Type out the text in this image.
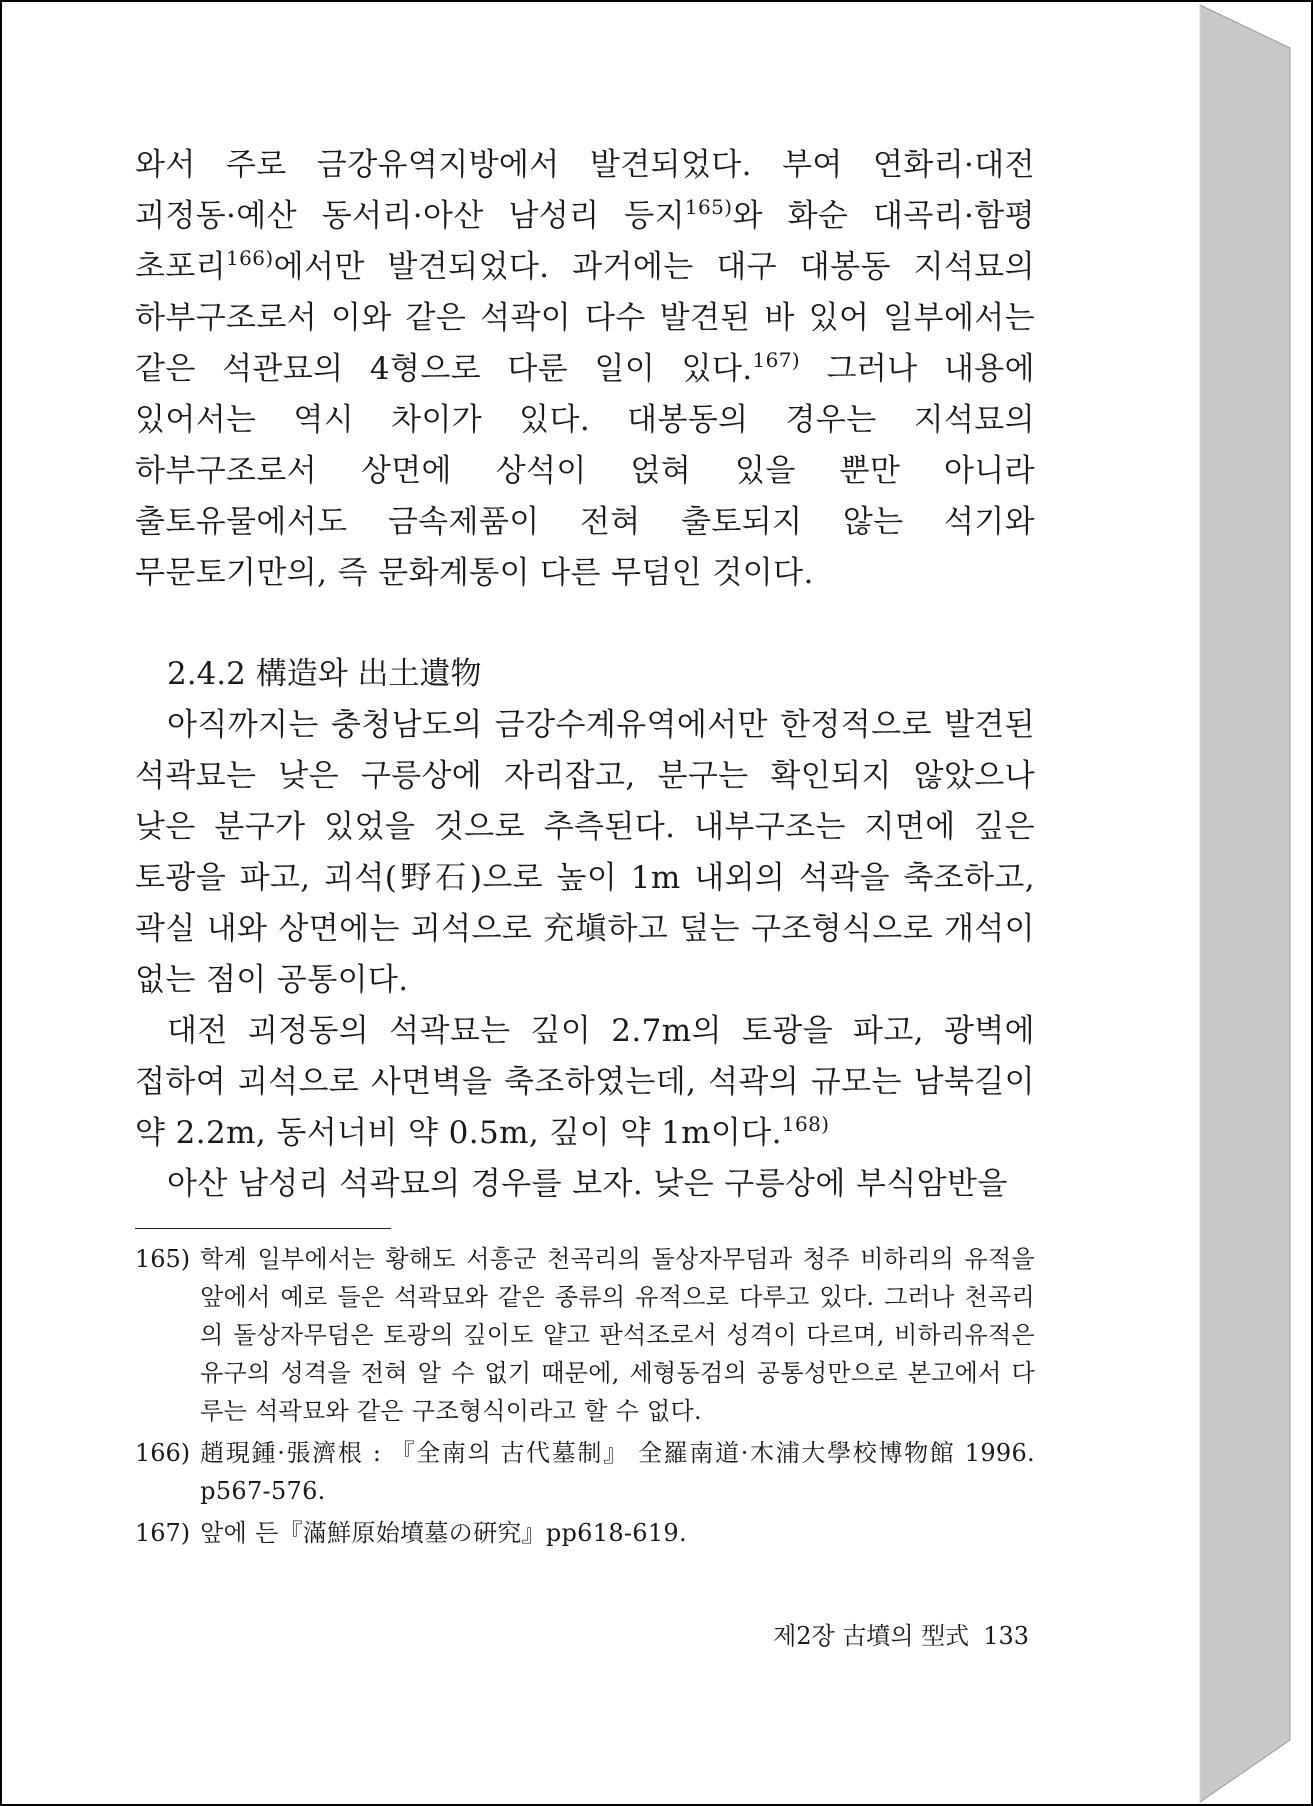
와서 주로 금강유역지방에서 발견되었다. 부여 연화리·대전 괴정동·예산 동서리·아산 남성리 등지$^{165)}$와 화순 대곡리·함평 초포리$^{166)}$에서만 발견되었다. 과거에는 대구 대봉동 지석묘의 하부구조로서 이와 같은 석곽이 다수 발견된 바 있어 일부에서는 같은 석관묘의 4형으로 다룬 일이 있다.$^{167)}$ 그러나 내용에 있어서는 역시 차이가 있다. 대봉동의 경우는 지석묘의 하부구조로서 상면에 상석이 얹혀 있을 뿐만 아니라 출토유물에서도 금속제품이 전혀 출토되지 않는 석기와 무문토기만의, 즉 문화계통이 다른 무덤인 것이다.

2.4.2 構造와 出土遺物

아직까지는 충청남도의 금강수계유역에서만 한정적으로 발견된 석곽묘는 낮은 구릉상에 자리잡고, 분구는 확인되지 않았으나 낮은 분구가 있었을 것으로 추측된다. 내부구조는 지면에 깊은 토광을 파고, 괴석(野石)으로 높이 1m 내외의 석곽을 축조하고, 곽실 내와 상면에는 괴석으로 充塡하고 덮는 구조형식으로 개석이 없는 점이 공통이다.

대전 괴정동의 석곽묘는 깊이 2.7m의 토광을 파고, 광벽에 접하여 괴석으로 사면벽을 축조하였는데, 석곽의 규모는 남북길이 약 2.2m, 동서너비 약 0.5m, 깊이 약 1m이다.$^{168)}$

아산 남성리 석곽묘의 경우를 보자. 낮은 구릉상에 부식암반을

165) 학계 일부에서는 황해도 서흥군 천곡리의 돌상자무덤과 청주 비하리의 유적을 앞에서 예로 들은 석곽묘와 같은 종류의 유적으로 다루고 있다. 그러나 천곡리의 돌상자무덤은 토광의 깊이도 얕고 판석조로서 성격이 다르며, 비하리유적은 유구의 성격을 전혀 알 수 없기 때문에, 세형동검의 공통성만으로 본고에서 다루는 석곽묘와 같은 구조형식이라고 할 수 없다.
166) 趙現鍾·張濟根 : 『全南의 古代墓制』 全羅南道·木浦大學校博物館 1996. p567-576.
167) 앞에 든『滿鮮原始墳墓の硏究』pp618-619.
제2장 古墳의 型式 133
